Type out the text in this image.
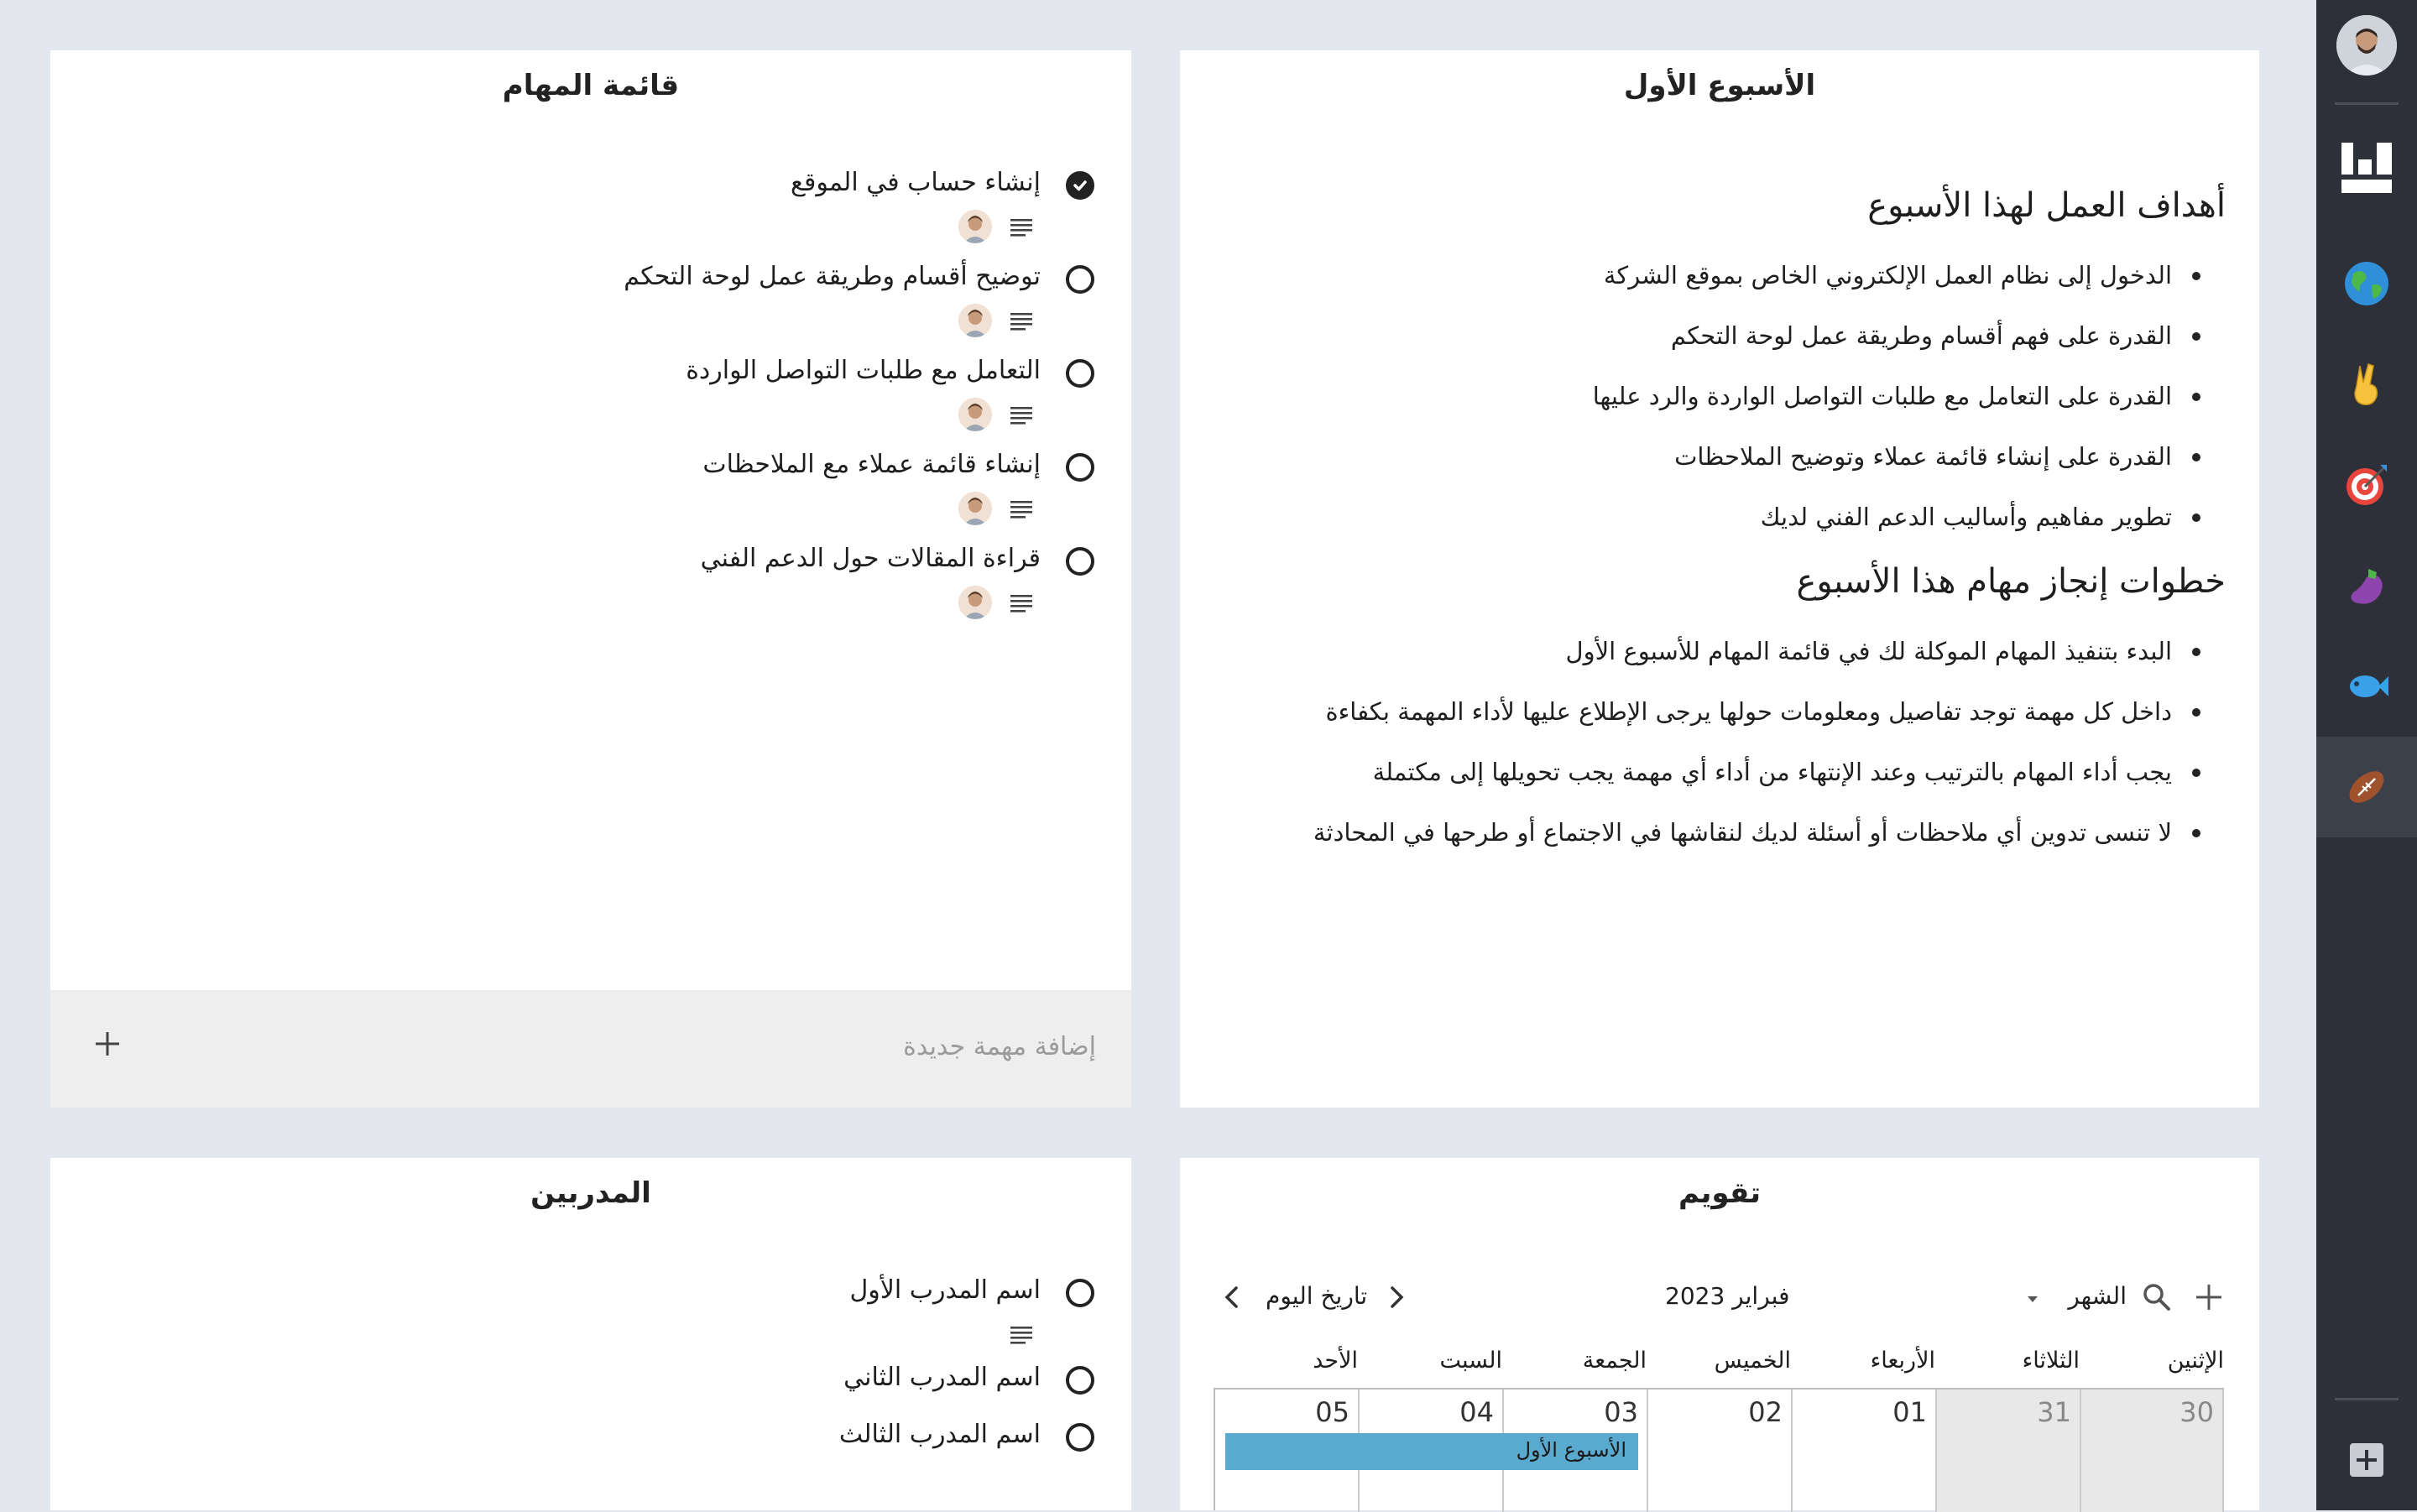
قائمة المهام
إنشاء حساب في الموقع
توضيح أقسام وطريقة عمل لوحة التحكم
التعامل مع طلبات التواصل الواردة
إنشاء قائمة عملاء مع الملاحظات
قراءة المقالات حول الدعم الفني
إضافة مهمة جديدة
الأسبوع الأول
أهداف العمل لهذا الأسبوع
الدخول إلى نظام العمل الإلكتروني الخاص بموقع الشركة
القدرة على فهم أقسام وطريقة عمل لوحة التحكم
القدرة على التعامل مع طلبات التواصل الواردة والرد عليها
القدرة على إنشاء قائمة عملاء وتوضيح الملاحظات
تطوير مفاهيم وأساليب الدعم الفني لديك
خطوات إنجاز مهام هذا الأسبوع
البدء بتنفيذ المهام الموكلة لك في قائمة المهام للأسبوع الأول
داخل كل مهمة توجد تفاصيل ومعلومات حولها يرجى الإطلاع عليها لأداء المهمة بكفاءة
يجب أداء المهام بالترتيب وعند الإنتهاء من أداء أي مهمة يجب تحويلها إلى مكتملة
لا تنسى تدوين أي ملاحظات أو أسئلة لديك لنقاشها في الاجتماع أو طرحها في المحادثة
المدربين
اسم المدرب الأول
اسم المدرب الثاني
اسم المدرب الثالث
تقويم
الشهر
فبراير 2023
تاريخ اليوم
الأحد	السبت	الجمعة	الخميس	الأربعاء	الثلاثاء	الإثنين
05	04	03	02	01	31	30
الأسبوع الأول
